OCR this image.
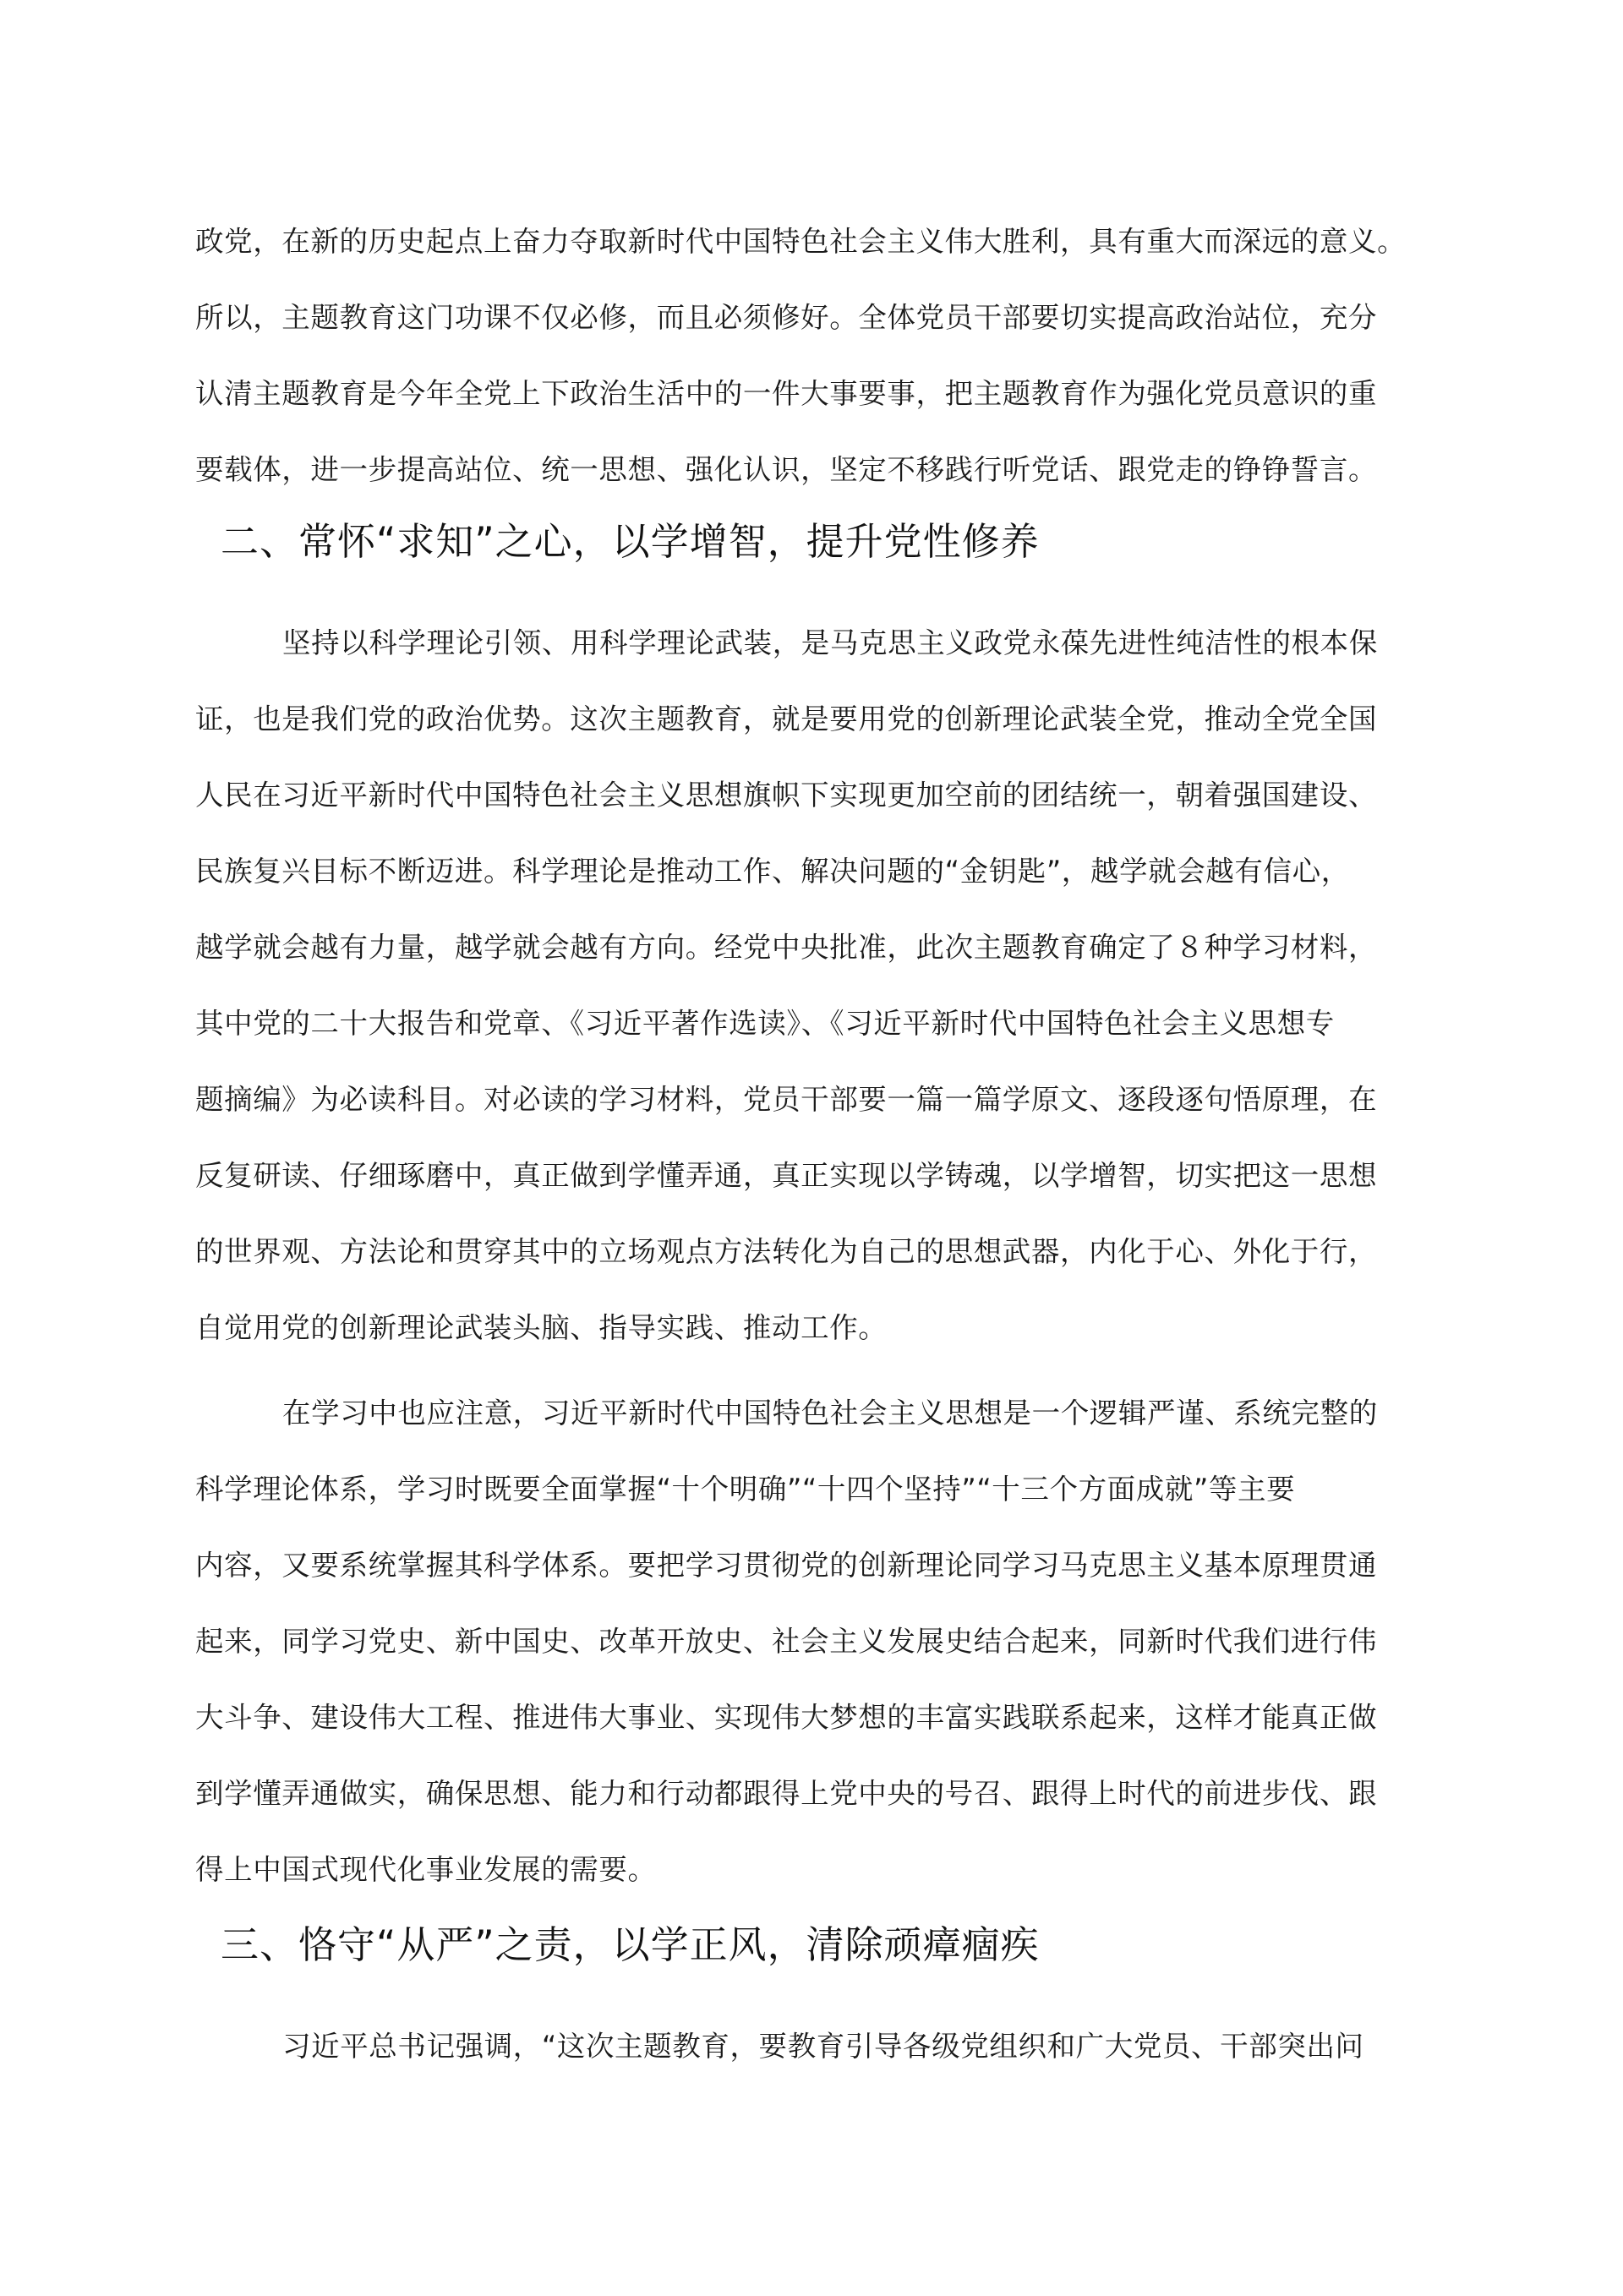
政党，在新的历史起点上奋力夺取新时代中国特色社会主义伟大胜利，具有重大而深远的意义。
所以，主题教育这门功课不仅必修，而且必须修好。全体党员干部要切实提高政治站位，充分
认清主题教育是今年全党上下政治生活中的一件大事要事，把主题教育作为强化党员意识的重
要载体，进一步提高站位、统一思想、强化认识，坚定不移践行听党话、跟党走的铮铮誓言。
二、常怀“求知”之心，以学增智，提升党性修养
坚持以科学理论引领、用科学理论武装，是马克思主义政党永葆先进性纯洁性的根本保
证，也是我们党的政治优势。这次主题教育，就是要用党的创新理论武装全党，推动全党全国
人民在习近平新时代中国特色社会主义思想旗帜下实现更加空前的团结统一，朝着强国建设、
民族复兴目标不断迈进。科学理论是推动工作、解决问题的“金钥匙”，越学就会越有信心，
越学就会越有力量，越学就会越有方向。经党中央批准，此次主题教育确定了８种学习材料，
其中党的二十大报告和党章、《习近平著作选读》、《习近平新时代中国特色社会主义思想专
题摘编》为必读科目。对必读的学习材料，党员干部要一篇一篇学原文、逐段逐句悟原理，在
反复研读、仔细琢磨中，真正做到学懂弄通，真正实现以学铸魂，以学增智，切实把这一思想
的世界观、方法论和贯穿其中的立场观点方法转化为自己的思想武器，内化于心、外化于行，
自觉用党的创新理论武装头脑、指导实践、推动工作。
在学习中也应注意，习近平新时代中国特色社会主义思想是一个逻辑严谨、系统完整的
科学理论体系，学习时既要全面掌握“十个明确”“十四个坚持”“十三个方面成就”等主要
内容，又要系统掌握其科学体系。要把学习贯彻党的创新理论同学习马克思主义基本原理贯通
起来，同学习党史、新中国史、改革开放史、社会主义发展史结合起来，同新时代我们进行伟
大斗争、建设伟大工程、推进伟大事业、实现伟大梦想的丰富实践联系起来，这样才能真正做
到学懂弄通做实，确保思想、能力和行动都跟得上党中央的号召、跟得上时代的前进步伐、跟
得上中国式现代化事业发展的需要。
三、恪守“从严”之责，以学正风，清除顽瘴痼疾
习近平总书记强调，“这次主题教育，要教育引导各级党组织和广大党员、干部突出问
